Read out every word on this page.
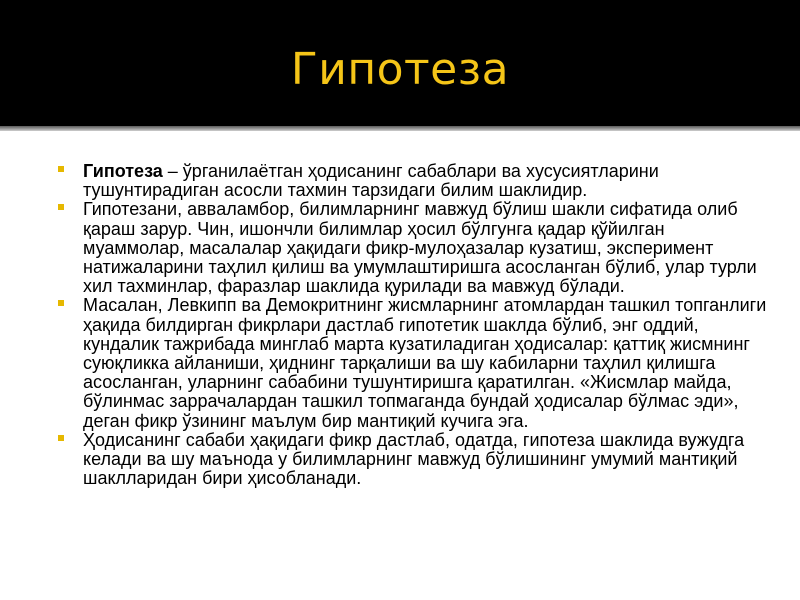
Гипотеза

Гипотеза – ўрганилаётган ҳодисанинг сабаблари ва хусусиятларини тушунтирадиган асосли тахмин тарзидаги билим шаклидир.

Гипотезани, аввaламбор, билимларнинг мавжуд бўлиш шакли сифатида олиб қараш зарур. Чин, ишончли билимлар ҳосил бўлгунга қадар қўйилган муаммолар, масалалар ҳақидаги фикр-мулоҳазалар кузатиш, эксперимент натижаларини таҳлил қилиш ва умумлаштиришга асосланган бўлиб, улар турли хил тахминлар, фаразлар шаклида қурилади ва мавжуд бўлади.

Масалан, Левкипп ва Демокритнинг жисмларнинг атомлардан ташкил топганлиги ҳақида билдирган фикрлари дастлаб гипотетик шаклда бўлиб, энг оддий, кундалик тажрибада минглаб марта кузатиладиган ҳодисалар: қаттиқ жисмнинг суюқликка айланиши, ҳиднинг тарқалиши ва шу кабиларни таҳлил қилишга асосланган, уларнинг сабабини тушунтиришга қаратилган. «Жисмлар майда, бўлинмас заррачалардан ташкил топмаганда бундай ҳодисалар бўлмас эди», деган фикр ўзининг маълум бир мантиқий кучига эга.

Ҳодисанинг сабаби ҳақидаги фикр дастлаб, одатда, гипотеза шаклида вужудга келади ва шу маънода у билимларнинг мавжуд бўлишининг умумий мантиқий шаклларидан бири ҳисобланади.
